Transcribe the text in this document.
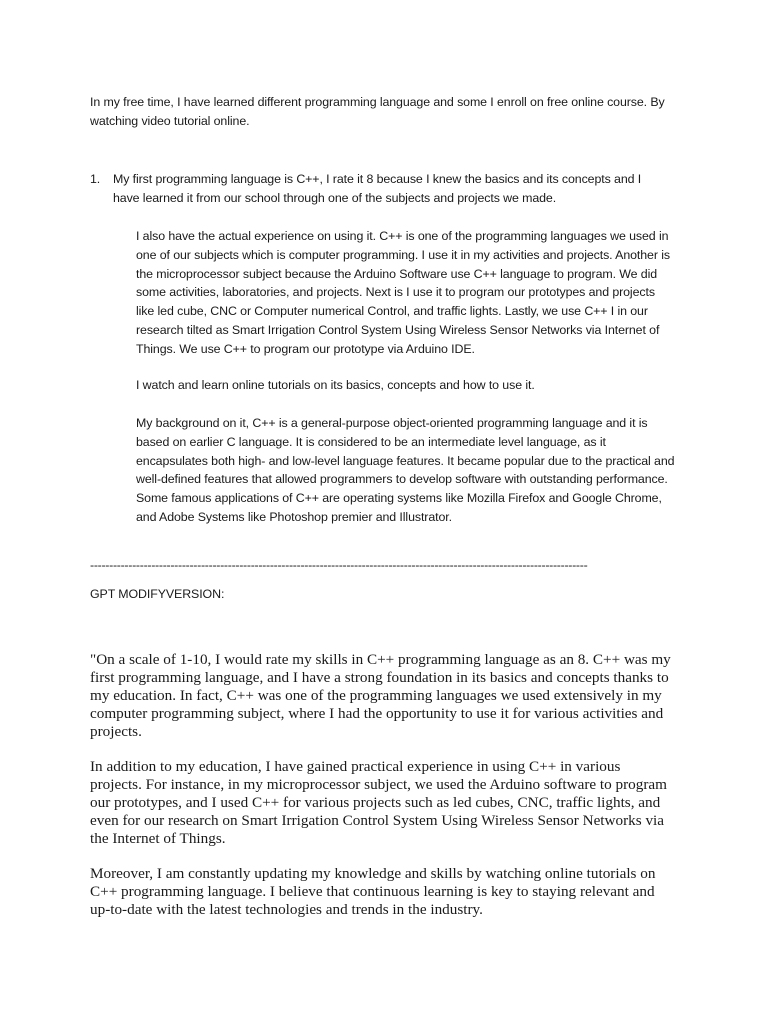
In my free time, I have learned different programming language and some I enroll on free online course. By watching video tutorial online.

1. My first programming language is C++, I rate it 8 because I knew the basics and its concepts and I have learned it from our school through one of the subjects and projects we made.

I also have the actual experience on using it. C++ is one of the programming languages we used in one of our subjects which is computer programming. I use it in my activities and projects. Another is the microprocessor subject because the Arduino Software use C++ language to program. We did some activities, laboratories, and projects. Next is I use it to program our prototypes and projects like led cube, CNC or Computer numerical Control, and traffic lights. Lastly, we use C++ I in our research tilted as Smart Irrigation Control System Using Wireless Sensor Networks via Internet of Things. We use C++ to program our prototype via Arduino IDE.

I watch and learn online tutorials on its basics, concepts and how to use it.

My background on it, C++ is a general-purpose object-oriented programming language and it is based on earlier C language. It is considered to be an intermediate level language, as it encapsulates both high- and low-level language features. It became popular due to the practical and well-defined features that allowed programmers to develop software with outstanding performance. Some famous applications of C++ are operating systems like Mozilla Firefox and Google Chrome, and Adobe Systems like Photoshop premier and Illustrator.

----------------------------------------------------------------------------------------------------------------------------------

GPT MODIFYVERSION:

"On a scale of 1-10, I would rate my skills in C++ programming language as an 8. C++ was my first programming language, and I have a strong foundation in its basics and concepts thanks to my education. In fact, C++ was one of the programming languages we used extensively in my computer programming subject, where I had the opportunity to use it for various activities and projects.

In addition to my education, I have gained practical experience in using C++ in various projects. For instance, in my microprocessor subject, we used the Arduino software to program our prototypes, and I used C++ for various projects such as led cubes, CNC, traffic lights, and even for our research on Smart Irrigation Control System Using Wireless Sensor Networks via the Internet of Things.

Moreover, I am constantly updating my knowledge and skills by watching online tutorials on C++ programming language. I believe that continuous learning is key to staying relevant and up-to-date with the latest technologies and trends in the industry.
